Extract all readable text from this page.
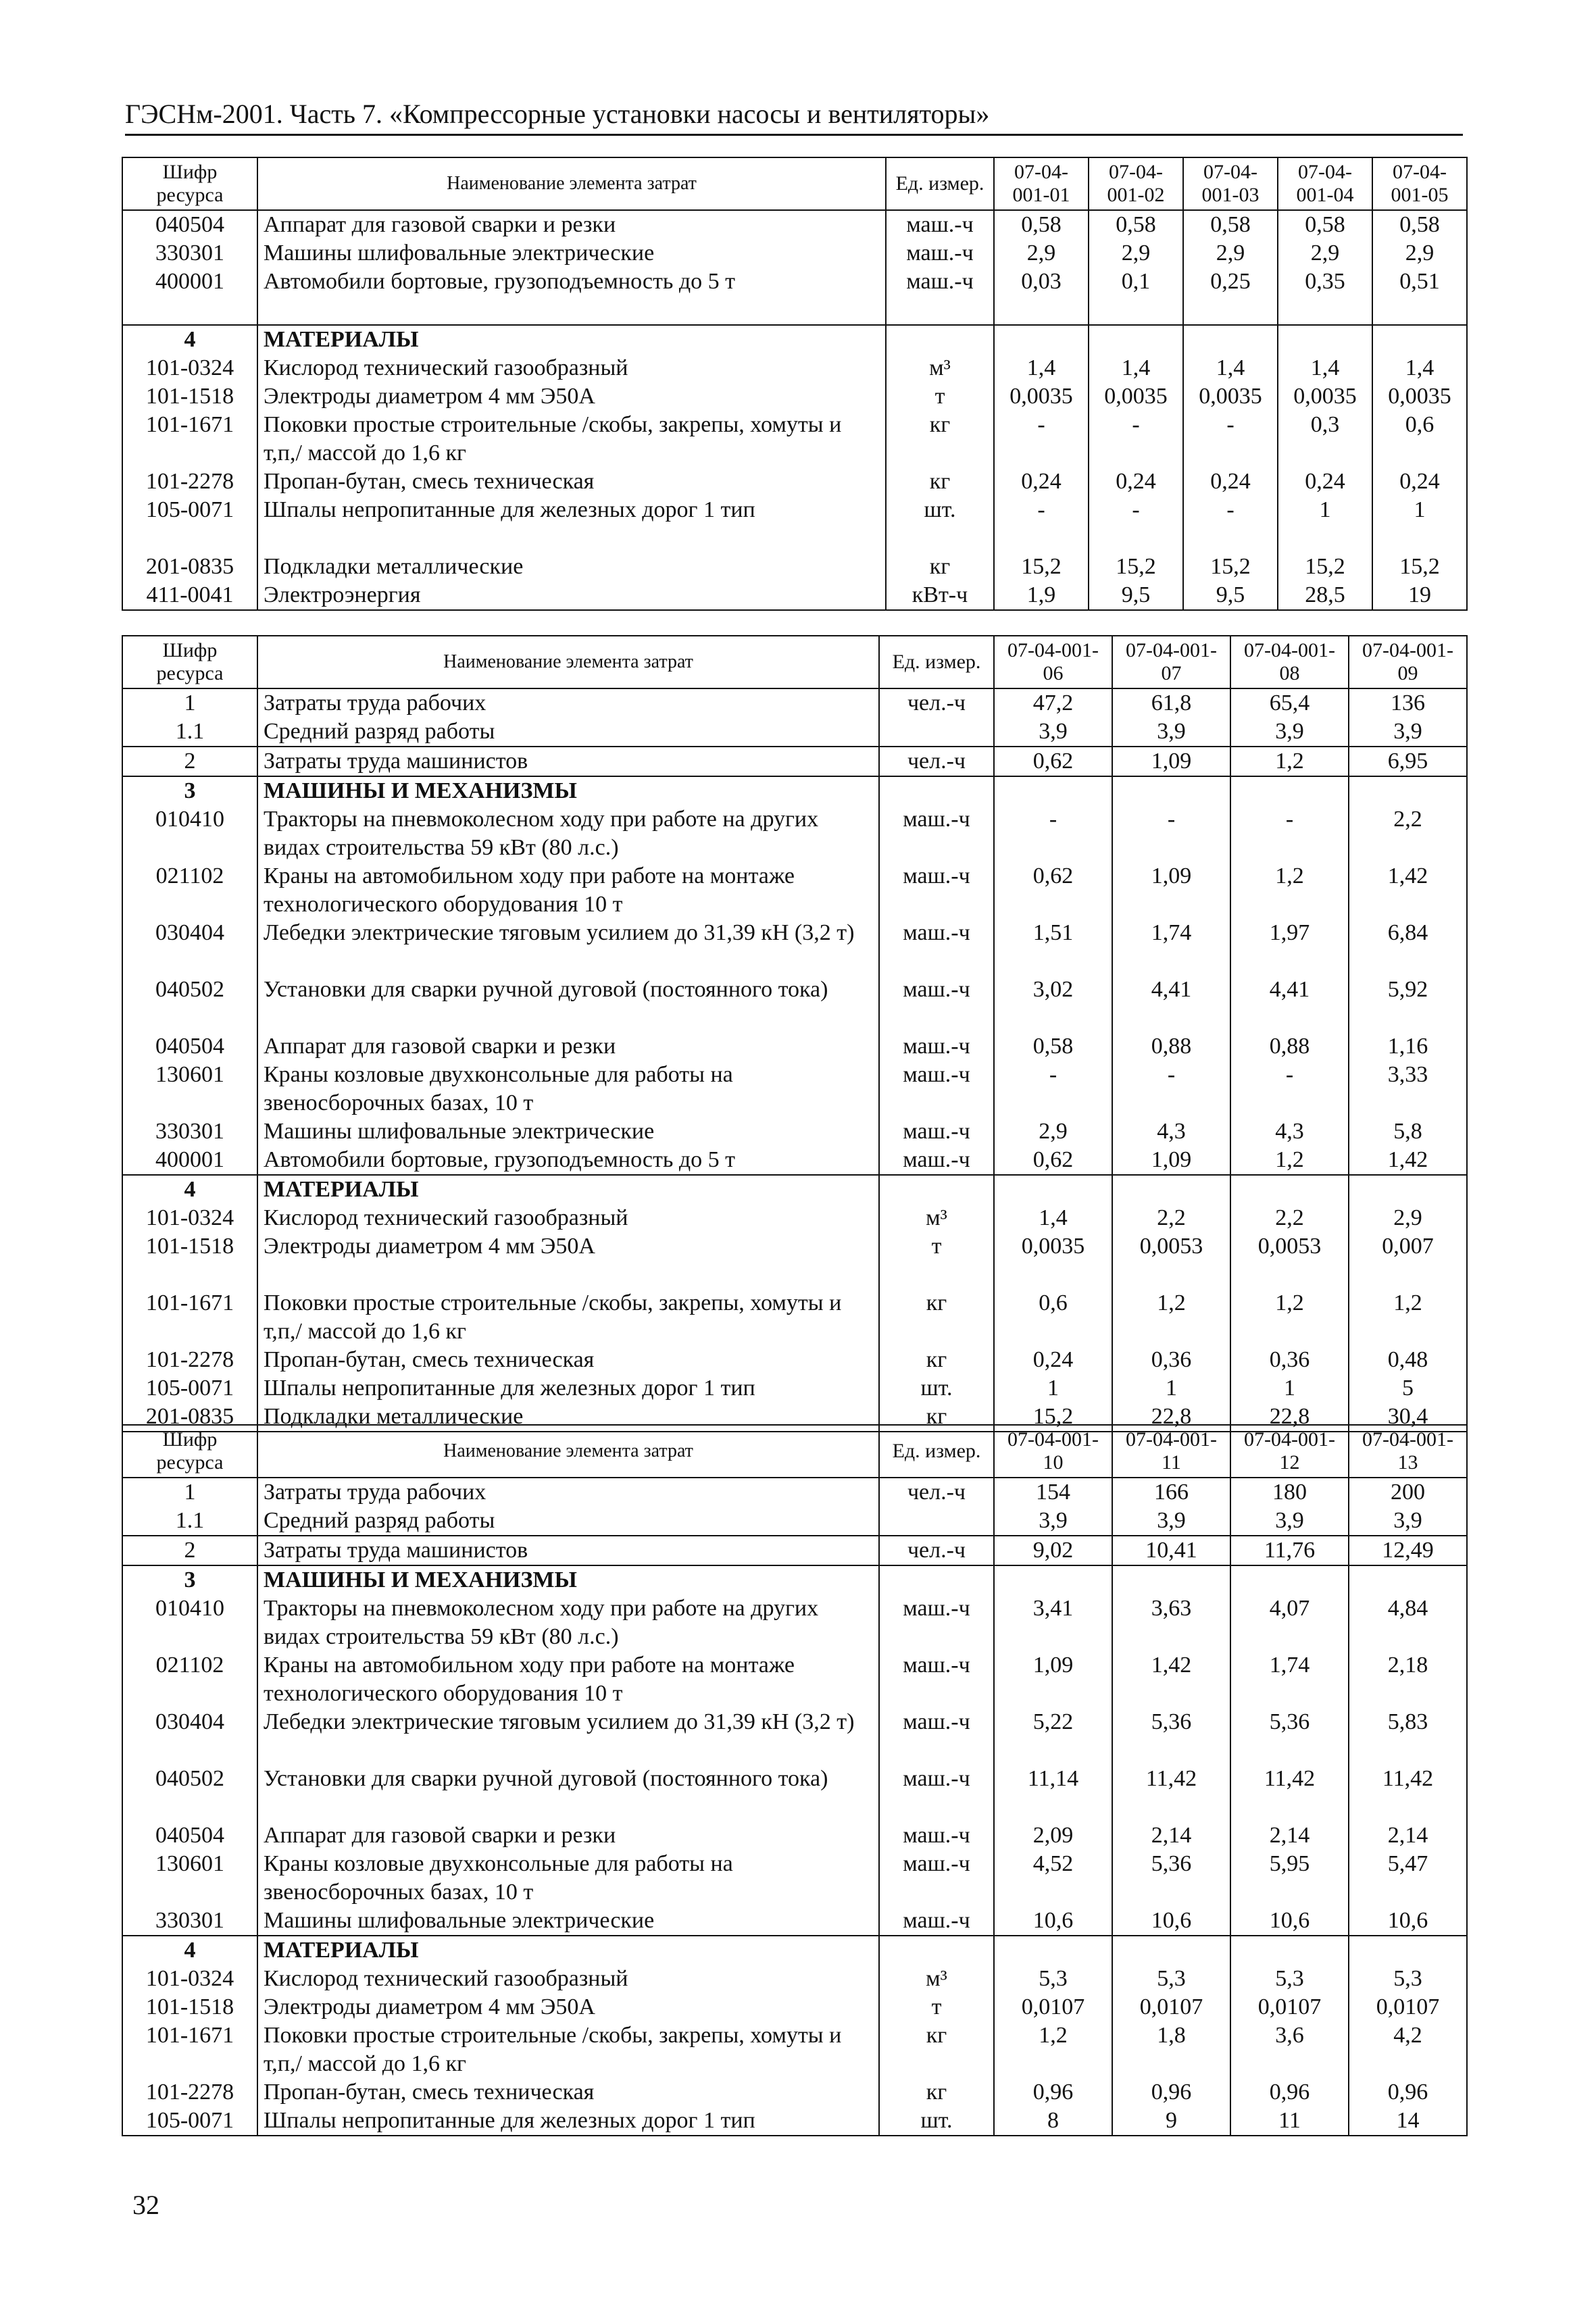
ГЭСНм-2001. Часть 7. «Компрессорные установки насосы и вентиляторы»
Шифр ресурса	Наименование элемента затрат	Ед. измер.	07-04-001-01	07-04-001-02	07-04-001-03	07-04-001-04	07-04-001-05
040504	Аппарат для газовой сварки и резки	маш.-ч	0,58	0,58	0,58	0,58	0,58
330301	Машины шлифовальные электрические	маш.-ч	2,9	2,9	2,9	2,9	2,9
400001	Автомобили бортовые, грузоподъемность до 5 т	маш.-ч	0,03	0,1	0,25	0,35	0,51
4	МАТЕРИАЛЫ						
101-0324	Кислород технический газообразный	м³	1,4	1,4	1,4	1,4	1,4
101-1518	Электроды диаметром 4 мм Э50А	т	0,0035	0,0035	0,0035	0,0035	0,0035
101-1671	Поковки простые строительные /скобы, закрепы, хомуты и т,п,/ массой до 1,6 кг	кг	-	-	-	0,3	0,6
101-2278	Пропан-бутан, смесь техническая	кг	0,24	0,24	0,24	0,24	0,24
105-0071	Шпалы непропитанные для железных дорог 1 тип	шт.	-	-	-	1	1
201-0835	Подкладки металлические	кг	15,2	15,2	15,2	15,2	15,2
411-0041	Электроэнергия	кВт-ч	1,9	9,5	9,5	28,5	19
Шифр ресурса	Наименование элемента затрат	Ед. измер.	07-04-001-06	07-04-001-07	07-04-001-08	07-04-001-09
1	Затраты труда рабочих	чел.-ч	47,2	61,8	65,4	136
1.1	Средний разряд работы		3,9	3,9	3,9	3,9
2	Затраты труда машинистов	чел.-ч	0,62	1,09	1,2	6,95
3	МАШИНЫ И МЕХАНИЗМЫ					
010410	Тракторы на пневмоколесном ходу при работе на других видах строительства 59 кВт (80 л.с.)	маш.-ч	-	-	-	2,2
021102	Краны на автомобильном ходу при работе на монтаже технологического оборудования 10 т	маш.-ч	0,62	1,09	1,2	1,42
030404	Лебедки электрические тяговым усилием до 31,39 кН (3,2 т)	маш.-ч	1,51	1,74	1,97	6,84
040502	Установки для сварки ручной дуговой (постоянного тока)	маш.-ч	3,02	4,41	4,41	5,92
040504	Аппарат для газовой сварки и резки	маш.-ч	0,58	0,88	0,88	1,16
130601	Краны козловые двухконсольные для работы на звеносборочных базах, 10 т	маш.-ч	-	-	-	3,33
330301	Машины шлифовальные электрические	маш.-ч	2,9	4,3	4,3	5,8
400001	Автомобили бортовые, грузоподъемность до 5 т	маш.-ч	0,62	1,09	1,2	1,42
4	МАТЕРИАЛЫ					
101-0324	Кислород технический газообразный	м³	1,4	2,2	2,2	2,9
101-1518	Электроды диаметром 4 мм Э50А	т	0,0035	0,0053	0,0053	0,007
101-1671	Поковки простые строительные /скобы, закрепы, хомуты и т,п,/ массой до 1,6 кг	кг	0,6	1,2	1,2	1,2
101-2278	Пропан-бутан, смесь техническая	кг	0,24	0,36	0,36	0,48
105-0071	Шпалы непропитанные для железных дорог 1 тип	шт.	1	1	1	5
201-0835	Подкладки металлические	кг	15,2	22,8	22,8	30,4
Шифр ресурса	Наименование элемента затрат	Ед. измер.	07-04-001-10	07-04-001-11	07-04-001-12	07-04-001-13
1	Затраты труда рабочих	чел.-ч	154	166	180	200
1.1	Средний разряд работы		3,9	3,9	3,9	3,9
2	Затраты труда машинистов	чел.-ч	9,02	10,41	11,76	12,49
3	МАШИНЫ И МЕХАНИЗМЫ					
010410	Тракторы на пневмоколесном ходу при работе на других видах строительства 59 кВт (80 л.с.)	маш.-ч	3,41	3,63	4,07	4,84
021102	Краны на автомобильном ходу при работе на монтаже технологического оборудования 10 т	маш.-ч	1,09	1,42	1,74	2,18
030404	Лебедки электрические тяговым усилием до 31,39 кН (3,2 т)	маш.-ч	5,22	5,36	5,36	5,83
040502	Установки для сварки ручной дуговой (постоянного тока)	маш.-ч	11,14	11,42	11,42	11,42
040504	Аппарат для газовой сварки и резки	маш.-ч	2,09	2,14	2,14	2,14
130601	Краны козловые двухконсольные для работы на звеносборочных базах, 10 т	маш.-ч	4,52	5,36	5,95	5,47
330301	Машины шлифовальные электрические	маш.-ч	10,6	10,6	10,6	10,6
4	МАТЕРИАЛЫ					
101-0324	Кислород технический газообразный	м³	5,3	5,3	5,3	5,3
101-1518	Электроды диаметром 4 мм Э50А	т	0,0107	0,0107	0,0107	0,0107
101-1671	Поковки простые строительные /скобы, закрепы, хомуты и т,п,/ массой до 1,6 кг	кг	1,2	1,8	3,6	4,2
101-2278	Пропан-бутан, смесь техническая	кг	0,96	0,96	0,96	0,96
105-0071	Шпалы непропитанные для железных дорог 1 тип	шт.	8	9	11	14
32
